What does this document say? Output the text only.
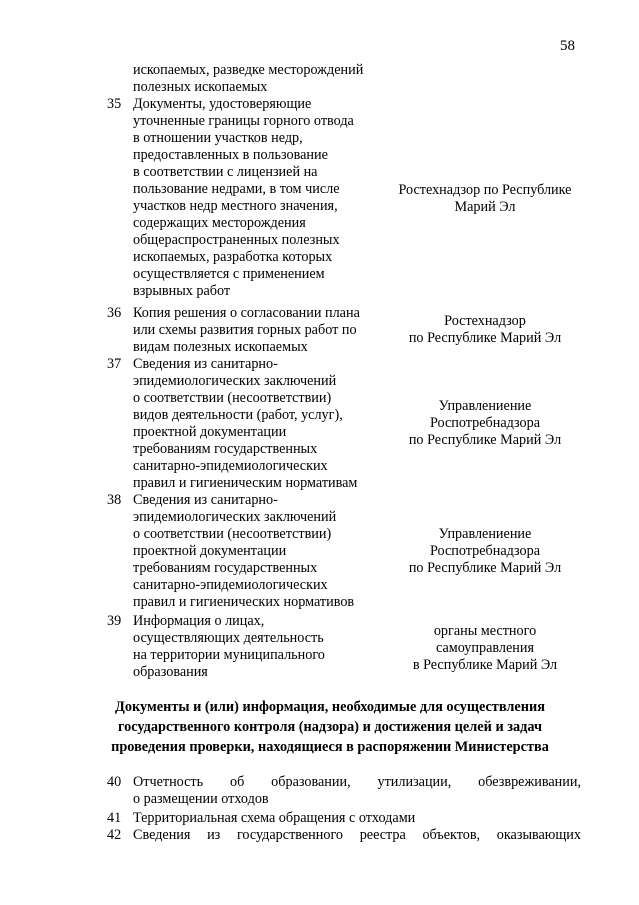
58
ископаемых, разведке месторождений
полезных ископаемых
35 Документы, удостоверяющие
уточненные границы горного отвода
в отношении участков недр,
предоставленных в пользование
в соответствии с лицензией на
пользование недрами, в том числе
участков недр местного значения,
содержащих месторождения
общераспространенных полезных
ископаемых, разработка которых
осуществляется с применением
взрывных работ
Ростехнадзор по Республике
Марий Эл
36 Копия решения о согласовании плана
или схемы развития горных работ по
видам полезных ископаемых
Ростехнадзор
по Республике Марий Эл
37 Сведения из санитарно-
эпидемиологических заключений
о соответствии (несоответствии)
видов деятельности (работ, услуг),
проектной документации
требованиям государственных
санитарно-эпидемиологических
правил и гигиеническим нормативам
Управлениение
Роспотребнадзора
по Республике Марий Эл
38 Сведения из санитарно-
эпидемиологических заключений
о соответствии (несоответствии)
проектной документации
требованиям государственных
санитарно-эпидемиологических
правил и гигиенических нормативов
Управлениение
Роспотребнадзора
по Республике Марий Эл
39 Информация о лицах,
осуществляющих деятельность
на территории муниципального
образования
органы местного
самоуправления
в Республике Марий Эл
Документы и (или) информация, необходимые для осуществления
государственного контроля (надзора) и достижения целей и задач
проведения проверки, находящиеся в распоряжении Министерства
40 Отчетность об образовании, утилизации, обезвреживании,
о размещении отходов
41 Территориальная схема обращения с отходами
42 Сведения из государственного реестра объектов, оказывающих
